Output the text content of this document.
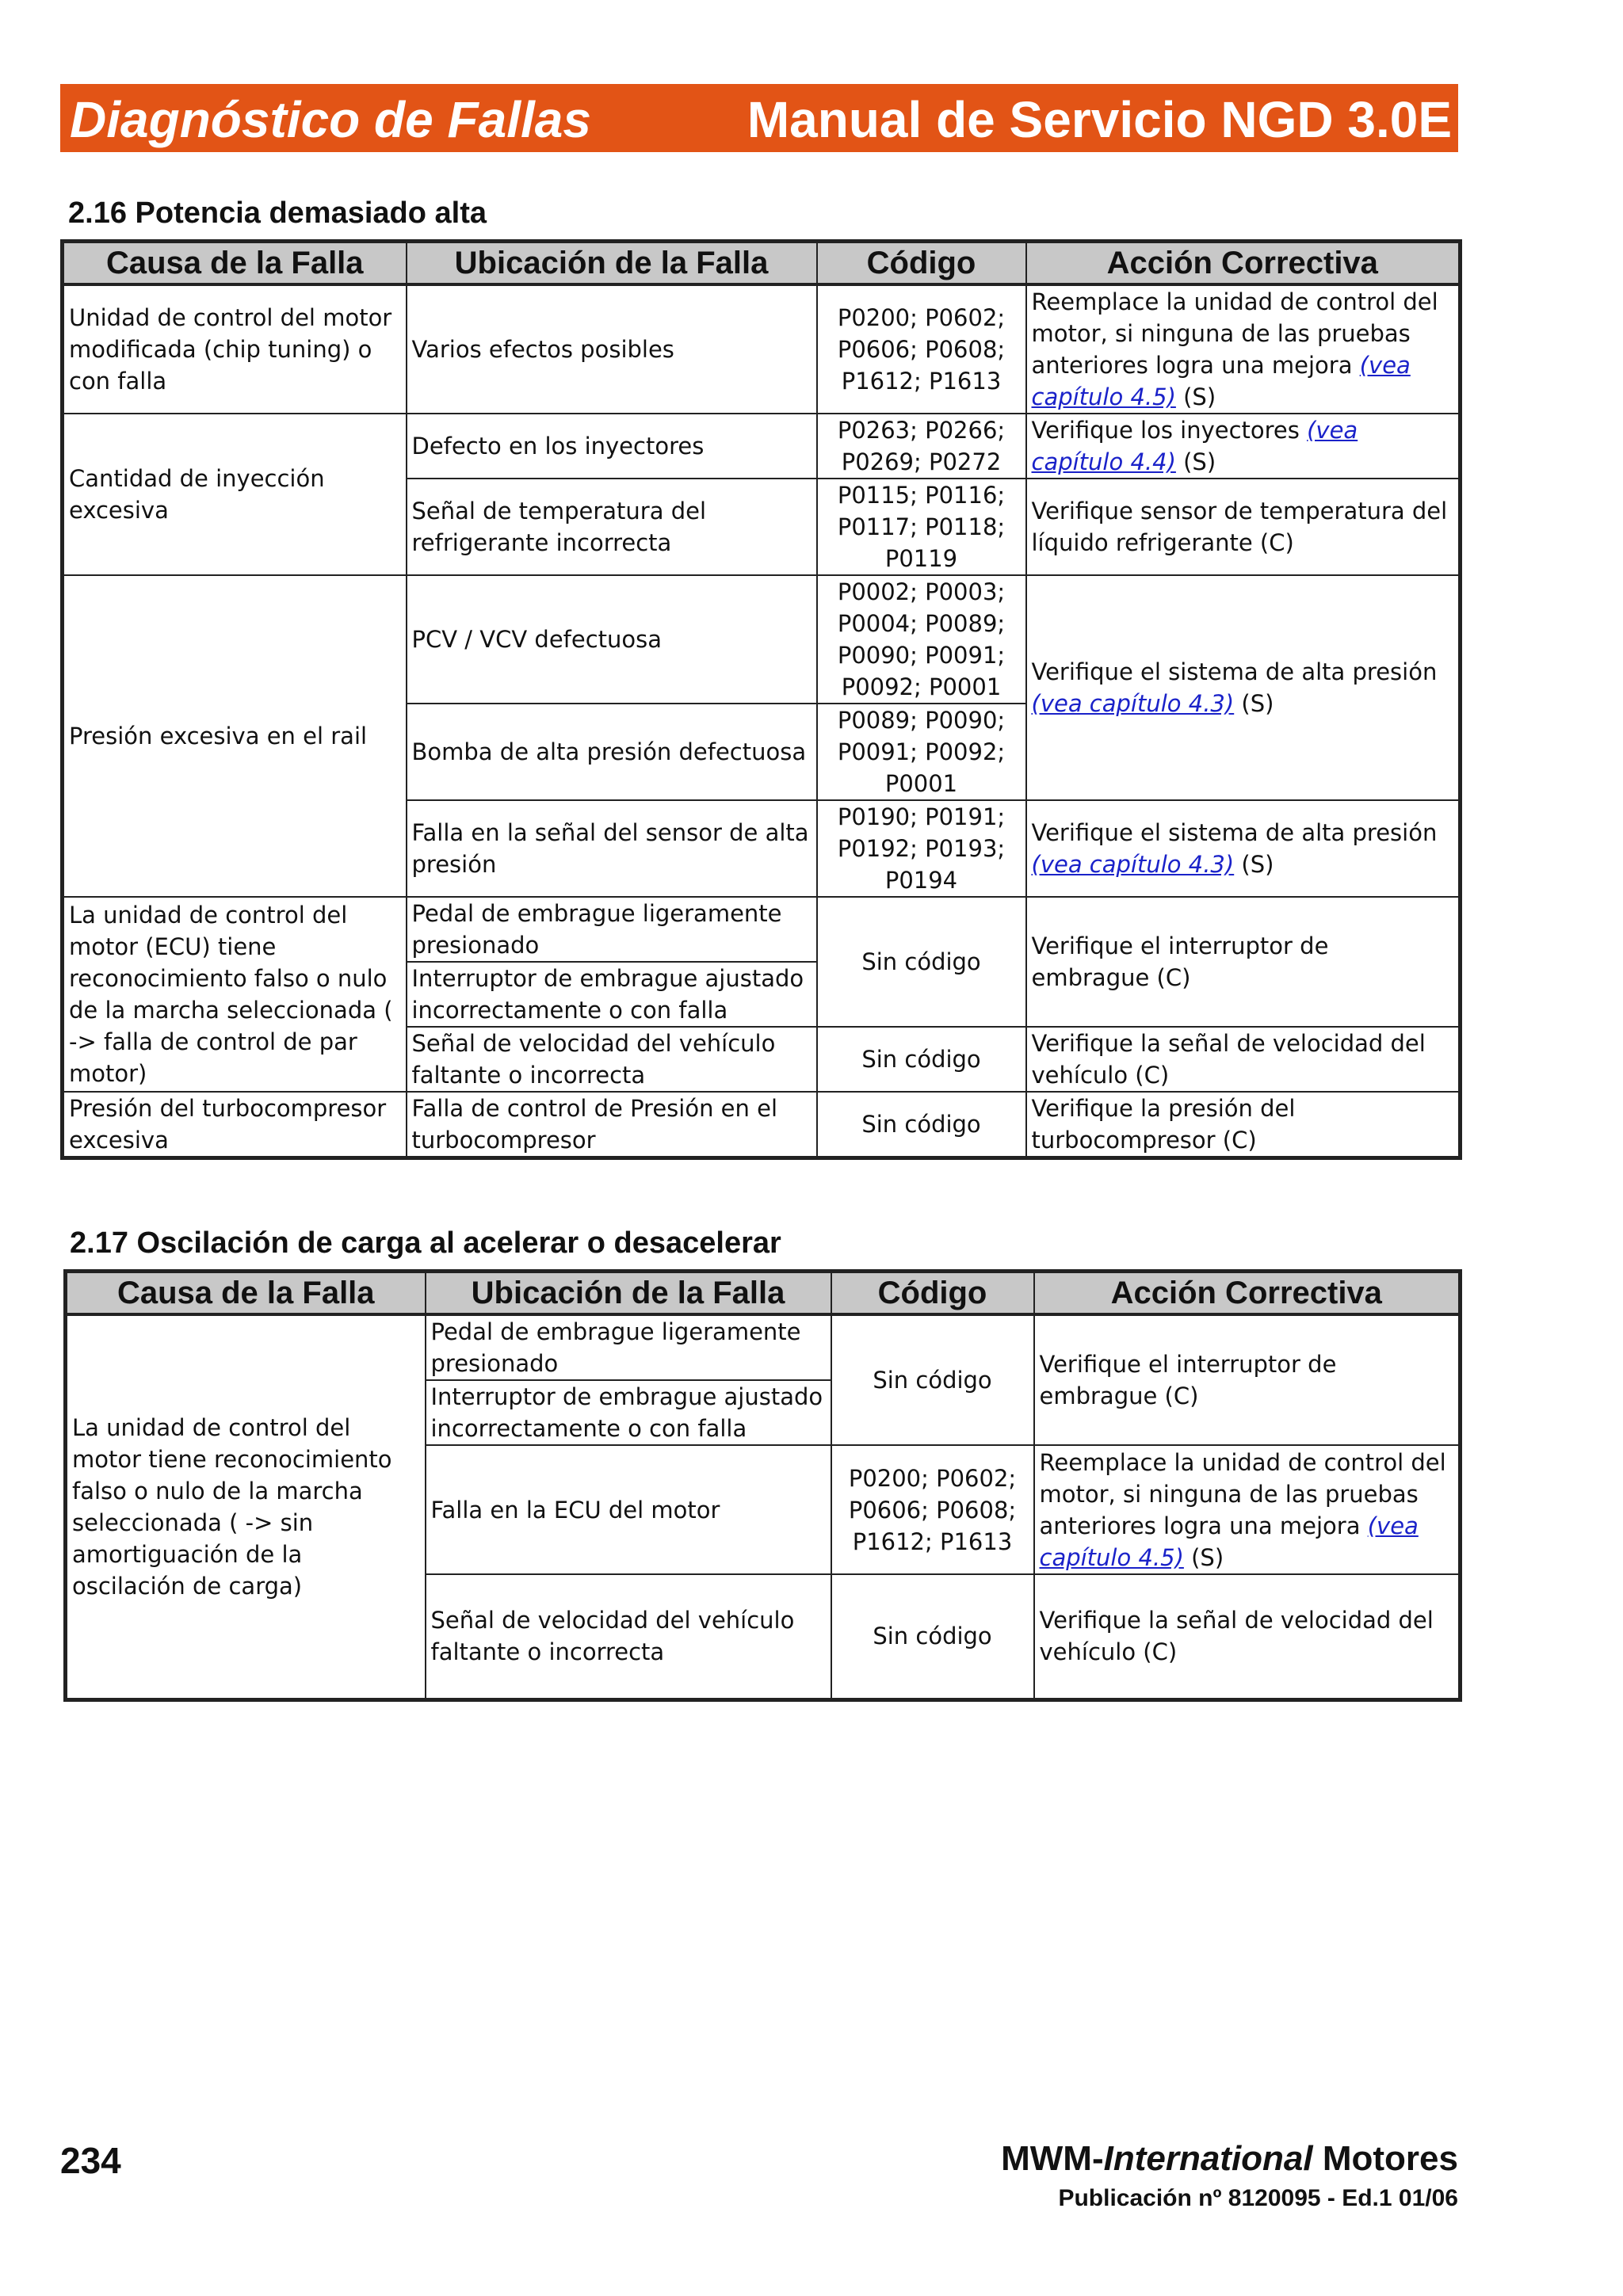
Diagnóstico de Fallas	Manual de Servicio NGD 3.0E
2.16 Potencia demasiado alta
Causa de la Falla	Ubicación de la Falla	Código	Acción Correctiva
Unidad de control del motor modificada (chip tuning) o con falla	Varios efectos posibles	P0200; P0602; P0606; P0608; P1612; P1613	Reemplace la unidad de control del motor, si ninguna de las pruebas anteriores logra una mejora (vea capítulo 4.5) (S)
Cantidad de inyección excesiva	Defecto en los inyectores	P0263; P0266; P0269; P0272	Verifique los inyectores (vea capítulo 4.4) (S)
	Señal de temperatura del refrigerante incorrecta	P0115; P0116; P0117; P0118; P0119	Verifique sensor de temperatura del líquido refrigerante (C)
Presión excesiva en el rail	PCV / VCV defectuosa	P0002; P0003; P0004; P0089; P0090; P0091; P0092; P0001	Verifique el sistema de alta presión (vea capítulo 4.3) (S)
	Bomba de alta presión defectuosa	P0089; P0090; P0091; P0092; P0001	
	Falla en la señal del sensor de alta presión	P0190; P0191; P0192; P0193; P0194	Verifique el sistema de alta presión (vea capítulo 4.3) (S)
La unidad de control del motor (ECU) tiene reconocimiento falso o nulo de la marcha seleccionada ( -> falla de control de par motor)	Pedal de embrague ligeramente presionado	Sin código	Verifique el interruptor de embrague (C)
	Interruptor de embrague ajustado incorrectamente o con falla		
	Señal de velocidad del vehículo faltante o incorrecta	Sin código	Verifique la señal de velocidad del vehículo (C)
Presión del turbocompresor excesiva	Falla de control de Presión en el turbocompresor	Sin código	Verifique la presión del turbocompresor (C)
2.17 Oscilación de carga al acelerar o desacelerar
Causa de la Falla	Ubicación de la Falla	Código	Acción Correctiva
La unidad de control del motor tiene reconocimiento falso o nulo de la marcha seleccionada ( -> sin amortiguación de la oscilación de carga)	Pedal de embrague ligeramente presionado	Sin código	Verifique el interruptor de embrague (C)
	Interruptor de embrague ajustado incorrectamente o con falla		
	Falla en la ECU del motor	P0200; P0602; P0606; P0608; P1612; P1613	Reemplace la unidad de control del motor, si ninguna de las pruebas anteriores logra una mejora (vea capítulo 4.5) (S)
	Señal de velocidad del vehículo faltante o incorrecta	Sin código	Verifique la señal de velocidad del vehículo (C)
234	MWM-International Motores
Publicación nº 8120095 - Ed.1 01/06
